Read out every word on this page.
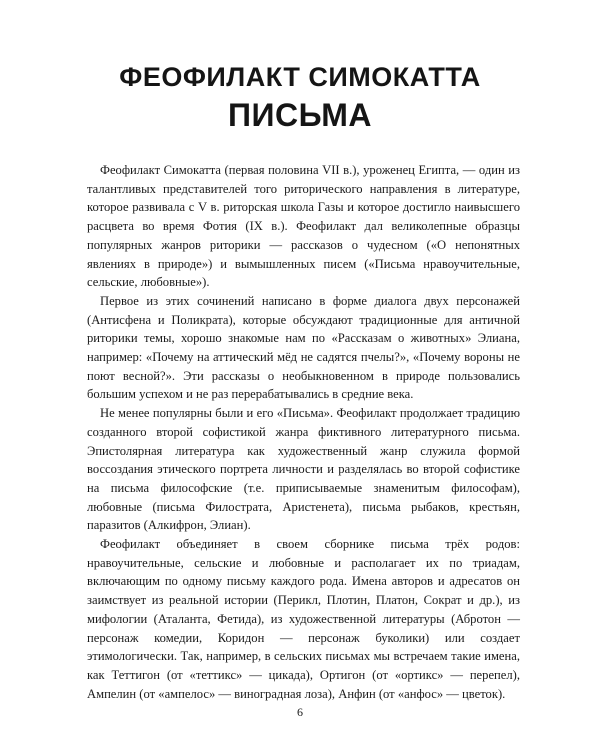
ФЕОФИЛАКТ СИМОКАТТА
ПИСЬМА

Феофилакт Симокатта (первая половина VII в.), уроженец Египта, — один из талантливых представителей того риторического направления в литературе, которое развивала с V в. риторская школа Газы и которое достигло наивысшего расцвета во время Фотия (IX в.). Феофилакт дал великолепные образцы популярных жанров риторики — рассказов о чудесном («О непонятных явлениях в природе») и вымышленных писем («Письма нравоучительные, сельские, любовные»).

Первое из этих сочинений написано в форме диалога двух персонажей (Антисфена и Поликрата), которые обсуждают традиционные для античной риторики темы, хорошо знакомые нам по «Рассказам о животных» Элиана, например: «Почему на аттический мёд не садятся пчелы?», «Почему вороны не поют весной?». Эти рассказы о необыкновенном в природе пользовались большим успехом и не раз перерабатывались в средние века.

Не менее популярны были и его «Письма». Феофилакт продолжает традицию созданного второй софистикой жанра фиктивного литературного письма. Эпистолярная литература как художественный жанр служила формой воссоздания этического портрета личности и разделялась во второй софистике на письма философские (т.е. приписываемые знаменитым философам), любовные (письма Филострата, Аристенета), письма рыбаков, крестьян, паразитов (Алкифрон, Элиан).

Феофилакт объединяет в своем сборнике письма трёх родов: нравоучительные, сельские и любовные и располагает их по триадам, включающим по одному письму каждого рода. Имена авторов и адресатов он заимствует из реальной истории (Перикл, Плотин, Платон, Сократ и др.), из мифологии (Аталанта, Фетида), из художественной литературы (Абротон — персонаж комедии, Коридон — персонаж буколики) или создает этимологически. Так, например, в сельских письмах мы встречаем такие имена, как Теттигон (от «теттикс» — цикада), Ортигон (от «ортикс» — перепел), Ампелин (от «ампелос» — виноградная лоза), Анфин (от «анфос» — цветок).

6
